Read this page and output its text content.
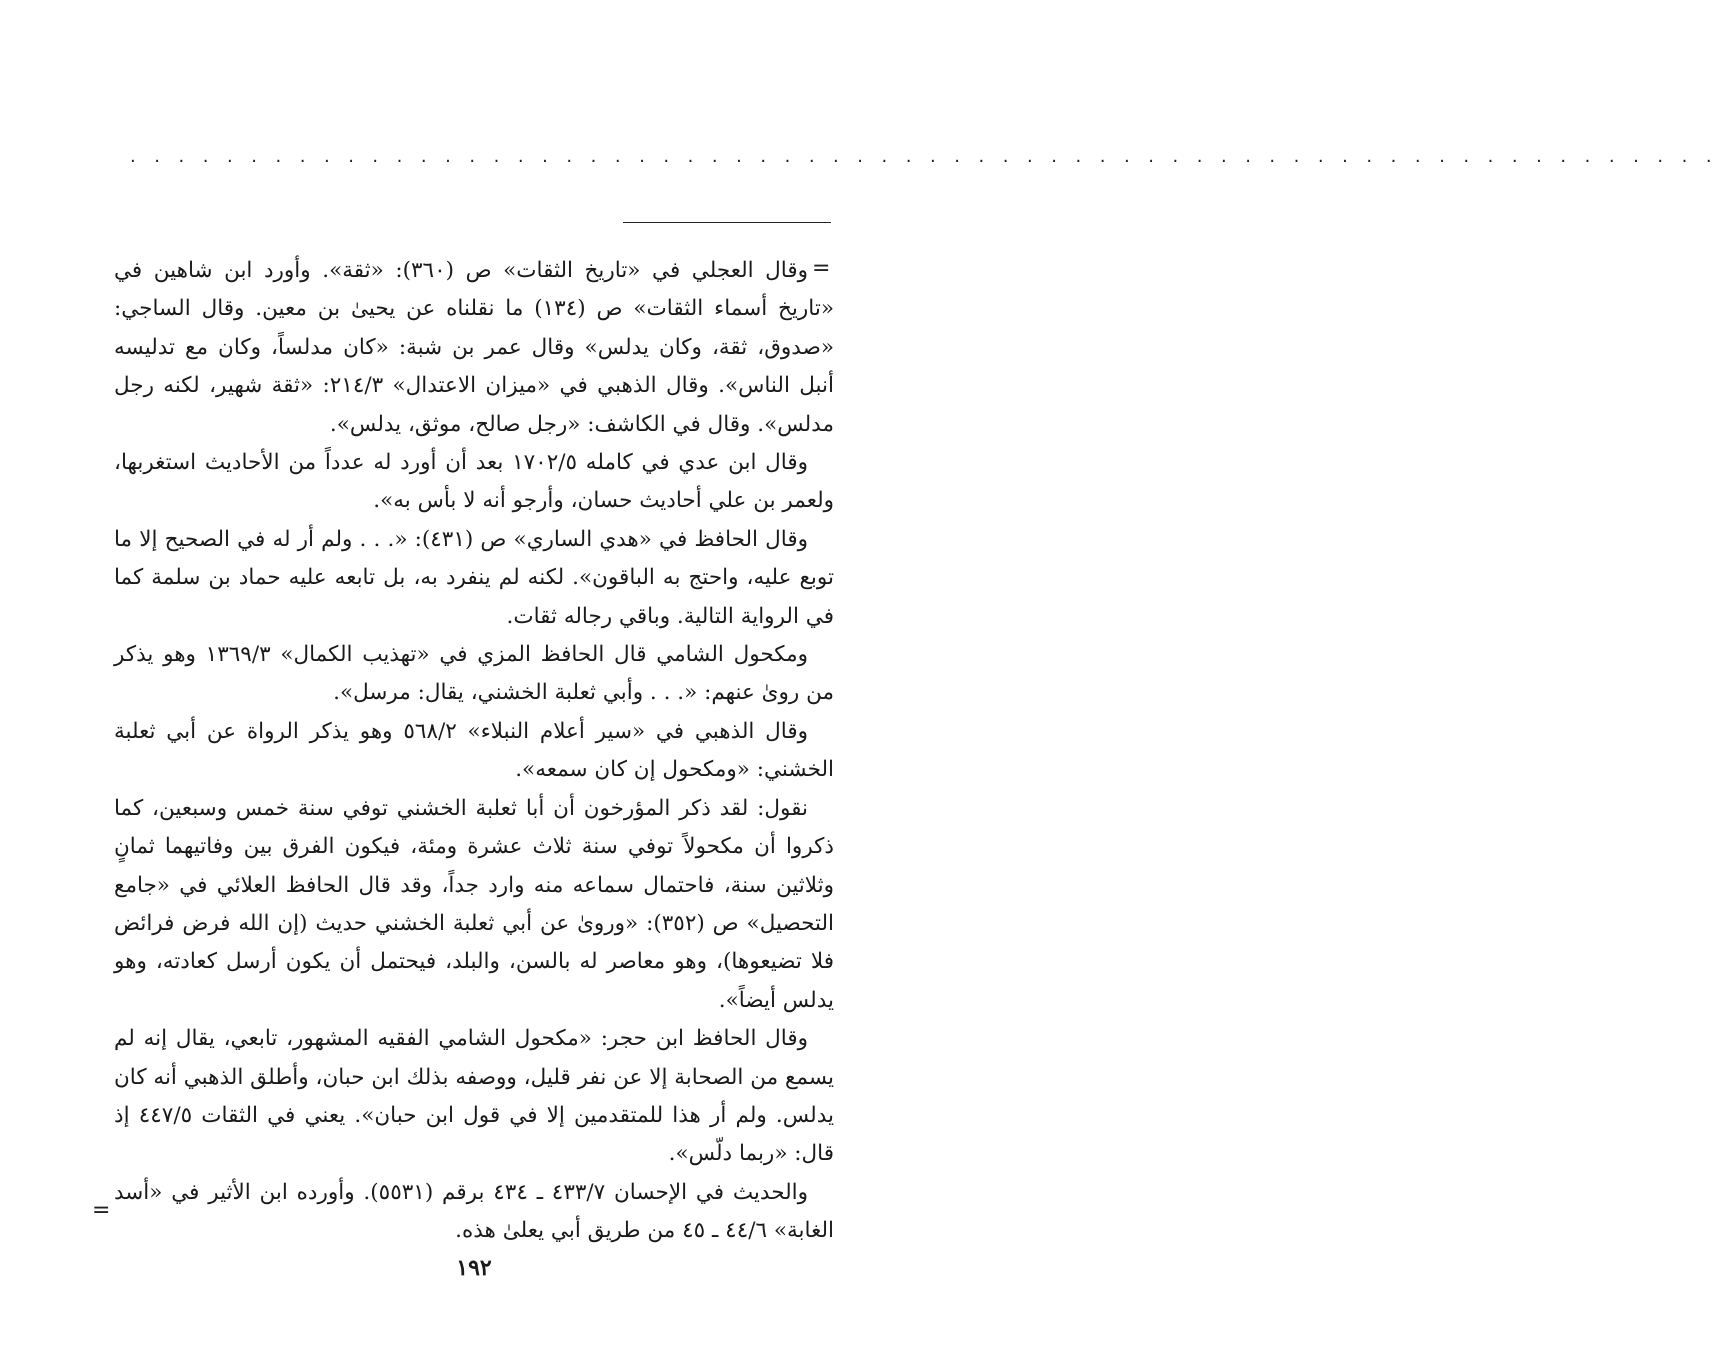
. . . . . . . . . . . . . . . . . . . . . . . . . . . . . . . . . . . . . . . . . . . . . . . . . . . . . . . . . . . . . . . . . .
=

وقال العجلي في «تاريخ الثقات» ص (٣٦٠): «ثقة». وأورد ابن شاهين في «تاريخ أسماء الثقات» ص (١٣٤) ما نقلناه عن يحيىٰ بن معين. وقال الساجي: «صدوق، ثقة، وكان يدلس» وقال عمر بن شبة: «كان مدلساً، وكان مع تدليسه أنبل الناس». وقال الذهبي في «ميزان الاعتدال» ٢١٤/٣: «ثقة شهير، لكنه رجل مدلس». وقال في الكاشف: «رجل صالح، موثق، يدلس».

وقال ابن عدي في كامله ١٧٠٢/٥ بعد أن أورد له عدداً من الأحاديث استغربها، ولعمر بن علي أحاديث حسان، وأرجو أنه لا بأس به».

وقال الحافظ في «هدي الساري» ص (٤٣١): «. . . ولم أر له في الصحيح إلا ما توبع عليه، واحتج به الباقون». لكنه لم ينفرد به، بل تابعه عليه حماد بن سلمة كما في الرواية التالية. وباقي رجاله ثقات.

ومكحول الشامي قال الحافظ المزي في «تهذيب الكمال» ١٣٦٩/٣ وهو يذكر من روىٰ عنهم: «. . . وأبي ثعلبة الخشني، يقال: مرسل».

وقال الذهبي في «سير أعلام النبلاء» ٥٦٨/٢ وهو يذكر الرواة عن أبي ثعلبة الخشني: «ومكحول إن كان سمعه».

نقول: لقد ذكر المؤرخون أن أبا ثعلبة الخشني توفي سنة خمس وسبعين، كما ذكروا أن مكحولاً توفي سنة ثلاث عشرة ومئة، فيكون الفرق بين وفاتيهما ثمانٍ وثلاثين سنة، فاحتمال سماعه منه وارد جداً، وقد قال الحافظ العلائي في «جامع التحصيل» ص (٣٥٢): «ورویٰ عن أبي ثعلبة الخشني حديث (إن الله فرض فرائض فلا تضيعوها)، وهو معاصر له بالسن، والبلد، فيحتمل أن يكون أرسل كعادته، وهو يدلس أيضاً».

وقال الحافظ ابن حجر: «مكحول الشامي الفقيه المشهور، تابعي، يقال إنه لم يسمع من الصحابة إلا عن نفر قليل، ووصفه بذلك ابن حبان، وأطلق الذهبي أنه كان يدلس. ولم أر هذا للمتقدمين إلا في قول ابن حبان». يعني في الثقات ٤٤٧/٥ إذ قال: «ربما دلّس».

والحديث في الإحسان ٤٣٣/٧ ـ ٤٣٤ برقم (٥٥٣١). وأورده ابن الأثير في «أسد الغابة» ٤٤/٦ ـ ٤٥ من طريق أبي يعلىٰ هذه.

=
١٩٢
